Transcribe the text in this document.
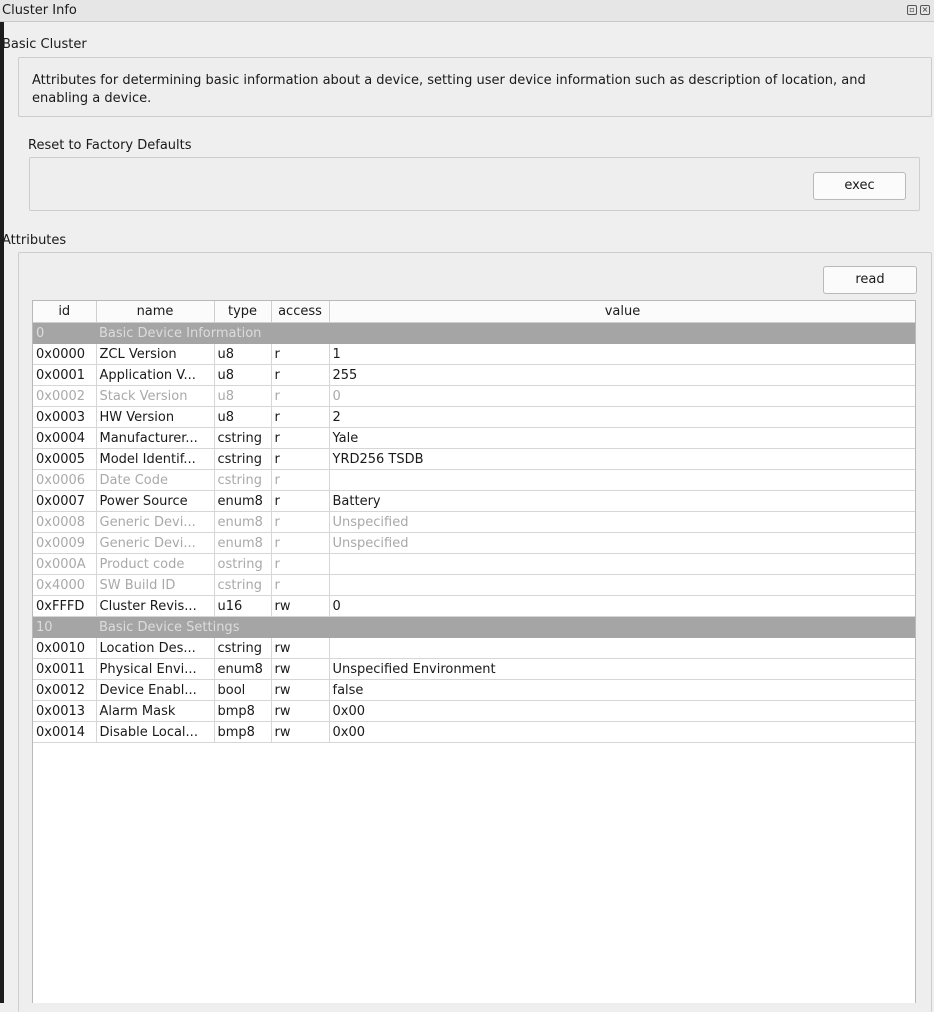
Cluster Info	▫ ×
Basic Cluster
Attributes for determining basic information about a device, setting user device information such as description of location, and enabling a device.
Reset to Factory Defaults
exec
Attributes
read
id	name	type	access	value
0	Basic Device Information			
0x0000	ZCL Version	u8	r	1
0x0001	Application V...	u8	r	255
0x0002	Stack Version	u8	r	0
0x0003	HW Version	u8	r	2
0x0004	Manufacturer...	cstring	r	Yale
0x0005	Model Identif...	cstring	r	YRD256 TSDB
0x0006	Date Code	cstring	r	
0x0007	Power Source	enum8	r	Battery
0x0008	Generic Devi...	enum8	r	Unspecified
0x0009	Generic Devi...	enum8	r	Unspecified
0x000A	Product code	ostring	r	
0x4000	SW Build ID	cstring	r	
0xFFFD	Cluster Revis...	u16	rw	0
10	Basic Device Settings			
0x0010	Location Des...	cstring	rw	
0x0011	Physical Envi...	enum8	rw	Unspecified Environment
0x0012	Device Enabl...	bool	rw	false
0x0013	Alarm Mask	bmp8	rw	0x00
0x0014	Disable Local...	bmp8	rw	0x00
